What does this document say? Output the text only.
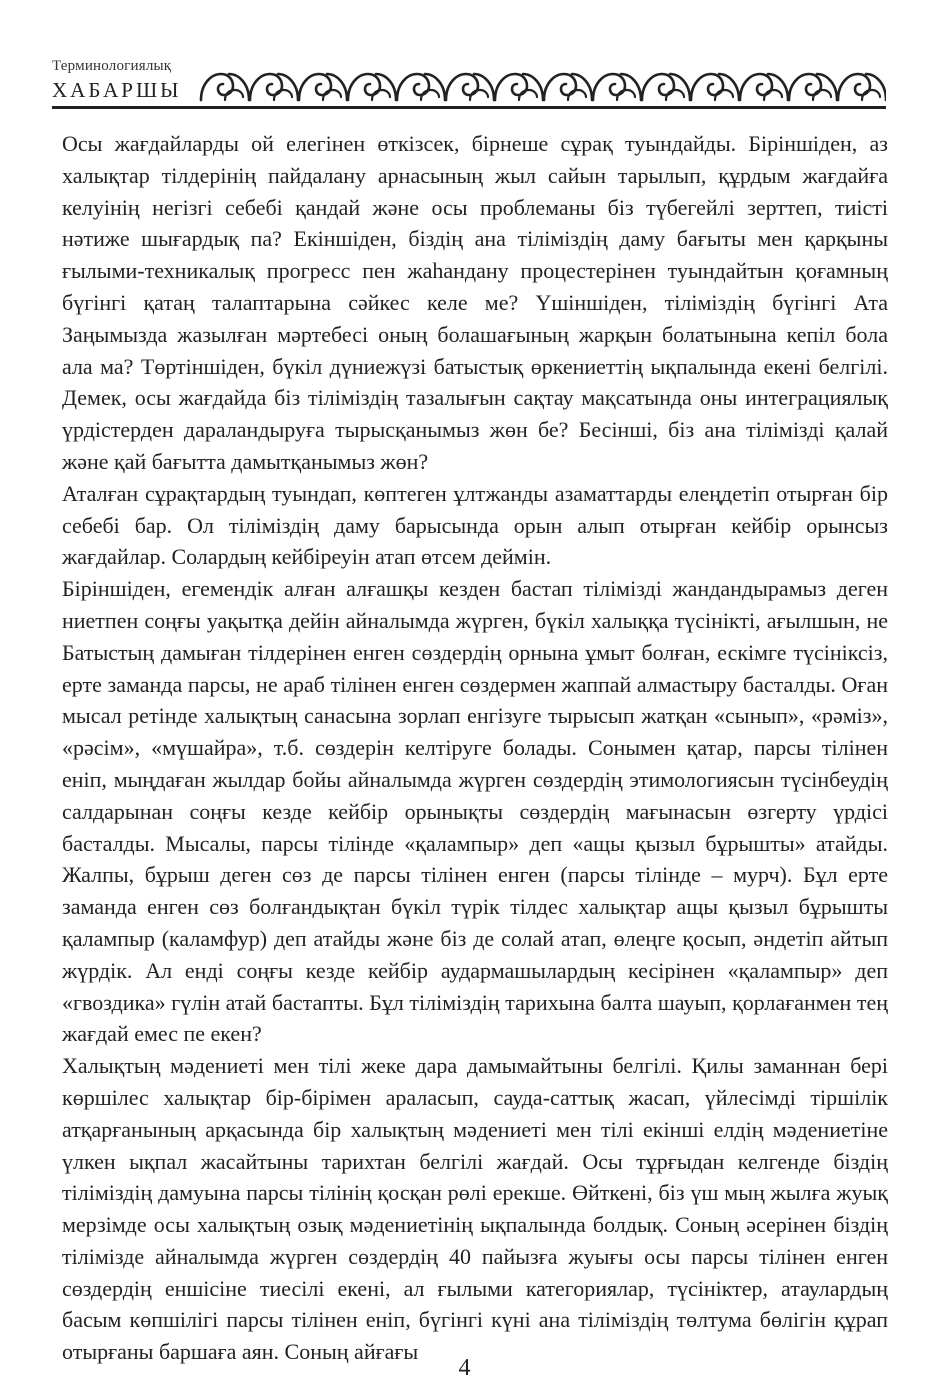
Терминологиялық
ХАБАРШЫ

Осы жағдайларды ой елегінен өткізсек, бірнеше сұрақ туындайды. Біріншіден, аз халықтар тілдерінің пайдалану арнасының жыл сайын тарылып, құрдым жағдайға келуінің негізгі себебі қандай және осы проблеманы біз түбегейлі зерттеп, тиісті нәтиже шығардық па? Екіншіден, біздің ана тіліміздің даму бағыты мен қарқыны ғылыми-техникалық прогресс пен жаһандану процестерінен туындайтын қоғамның бүгінгі қатаң талаптарына сәйкес келе ме? Үшіншіден, тіліміздің бүгінгі Ата Заңымызда жазылған мәртебесі оның болашағының жарқын болатынына кепіл бола ала ма? Төртіншіден, бүкіл дүниежүзі батыстық өркениеттің ықпалында екені белгілі. Демек, осы жағдайда біз тіліміздің тазалығын сақтау мақсатында оны интеграциялық үрдістерден дараландыруға тырысқанымыз жөн бе? Бесінші, біз ана тілімізді қалай және қай бағытта дамытқанымыз жөн?

Аталған сұрақтардың туындап, көптеген ұлтжанды азаматтарды елеңдетіп отырған бір себебі бар. Ол тіліміздің даму барысында орын алып отырған кейбір орынсыз жағдайлар. Солардың кейбіреуін атап өтсем деймін.

Біріншіден, егемендік алған алғашқы кезден бастап тілімізді жандандырамыз деген ниетпен соңғы уақытқа дейін айналымда жүрген, бүкіл халыққа түсінікті, ағылшын, не Батыстың дамыған тілдерінен енген сөздердің орнына ұмыт болған, ескімге түсініксіз, ерте заманда парсы, не араб тілінен енген сөздермен жаппай алмастыру басталды. Оған мысал ретінде халықтың санасына зорлап енгізуге тырысып жатқан «сынып», «рәміз», «рәсім», «мүшайра», т.б. сөздерін келтіруге болады. Сонымен қатар, парсы тілінен еніп, мыңдаған жылдар бойы айналымда жүрген сөздердің этимологиясын түсінбеудің салдарынан соңғы кезде кейбір орынықты сөздердің мағынасын өзгерту үрдісі басталды. Мысалы, парсы тілінде «қалампыр» деп «ащы қызыл бұрышты» атайды. Жалпы, бұрыш деген сөз де парсы тілінен енген (парсы тілінде – мурч). Бұл ерте заманда енген сөз болғандықтан бүкіл түрік тілдес халықтар ащы қызыл бұрышты қалампыр (каламфур) деп атайды және біз де солай атап, өлеңге қосып, әндетіп айтып жүрдік. Ал енді соңғы кезде кейбір аудармашылардың кесірінен «қалампыр» деп «гвоздика» гүлін атай бастапты. Бұл тіліміздің тарихына балта шауып, қорлағанмен тең жағдай емес пе екен?

Халықтың мәдениеті мен тілі жеке дара дамымайтыны белгілі. Қилы заманнан бері көршілес халықтар бір-бірімен араласып, сауда-саттық жасап, үйлесімді тіршілік атқарғанының арқасында бір халықтың мәдениеті мен тілі екінші елдің мәдениетіне үлкен ықпал жасайтыны тарихтан белгілі жағдай. Осы тұрғыдан келгенде біздің тіліміздің дамуына парсы тілінің қосқан рөлі ерекше. Өйткені, біз үш мың жылға жуық мерзімде осы халықтың озық мәдениетінің ықпалында болдық. Соның әсерінен біздің тілімізде айналымда жүрген сөздердің 40 пайызға жуығы осы парсы тілінен енген сөздердің еншісіне тиесілі екені, ал ғылыми категориялар, түсініктер, атаулардың басым көпшілігі парсы тілінен еніп, бүгінгі күні ана тіліміздің төлтума бөлігін құрап отырғаны баршаға аян. Соның айғағы

4
